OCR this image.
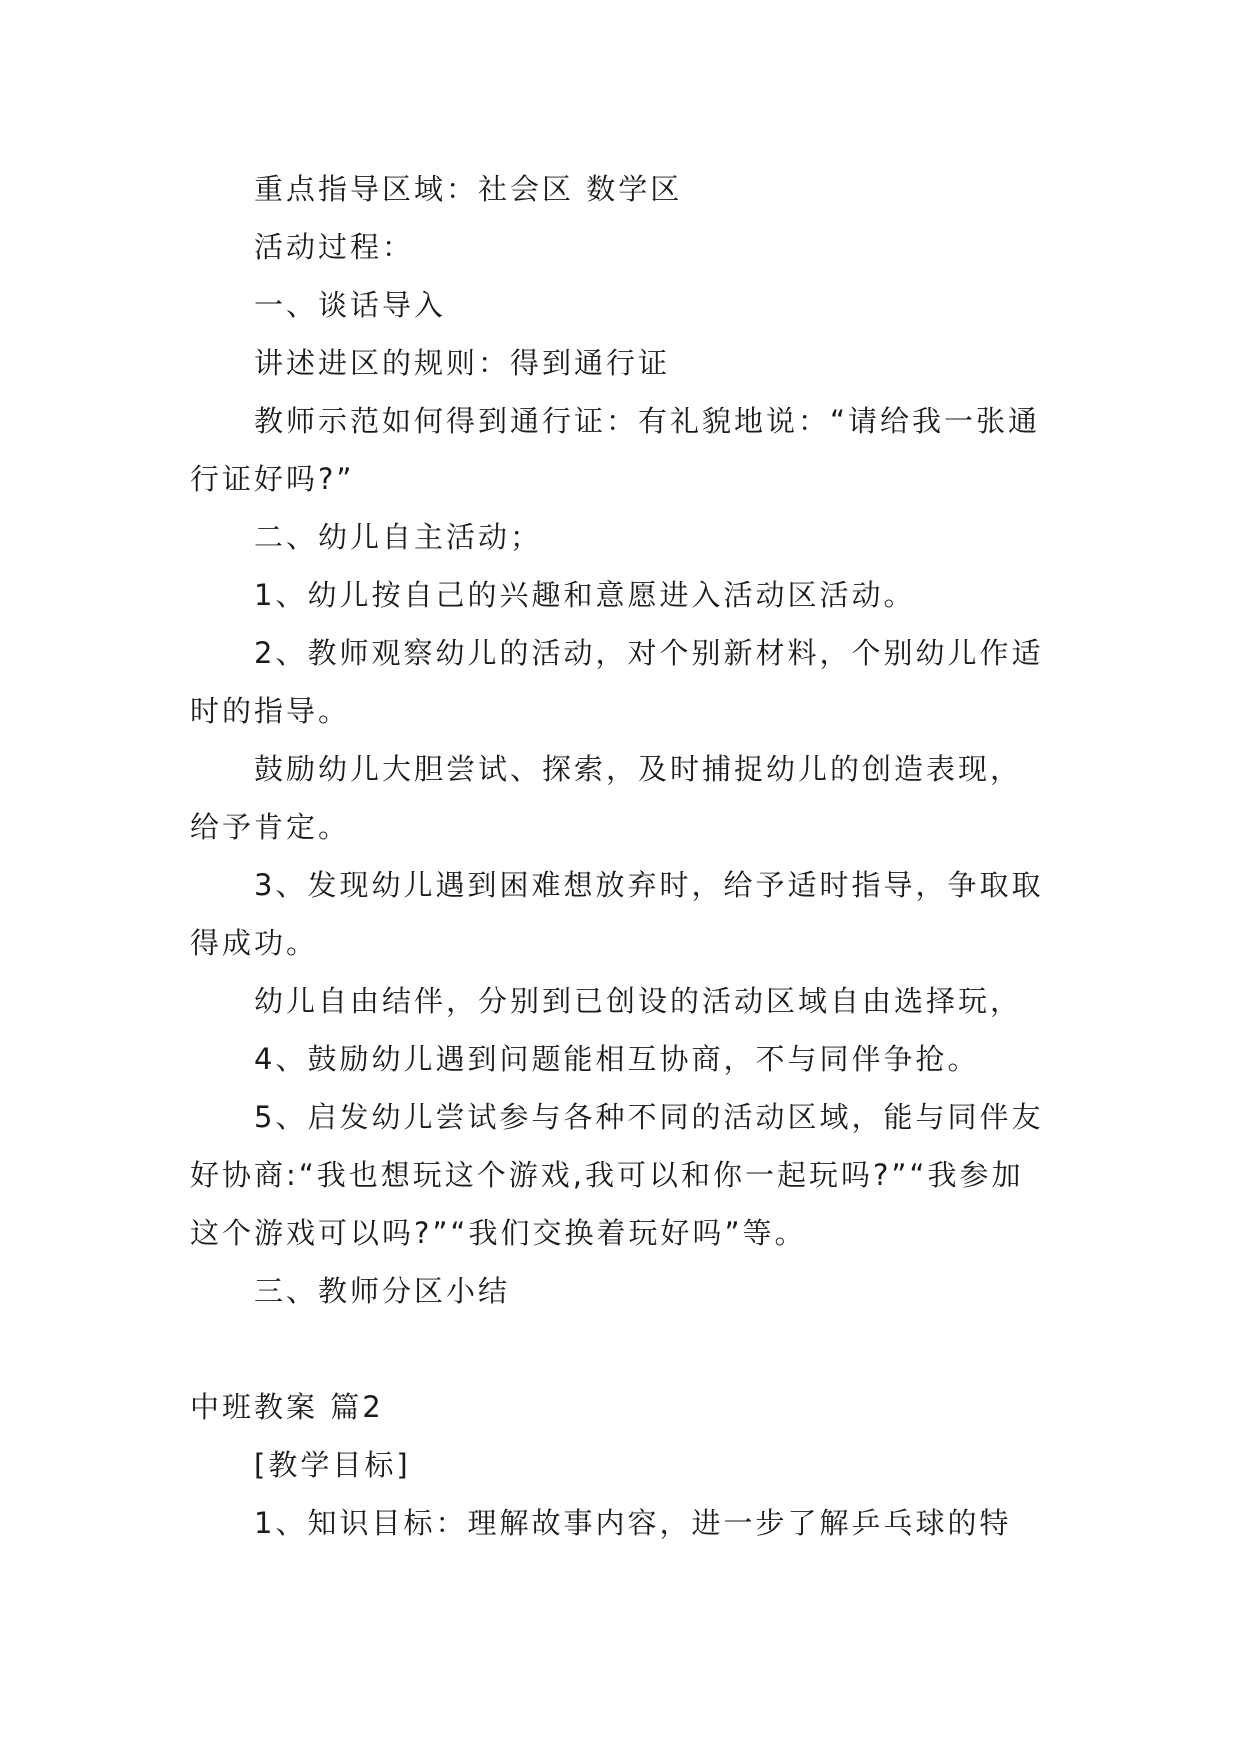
重点指导区域：社会区 数学区

活动过程：

一、谈话导入

讲述进区的规则：得到通行证

教师示范如何得到通行证：有礼貌地说：“请给我一张通行证好吗?”

二、幼儿自主活动；

1、幼儿按自己的兴趣和意愿进入活动区活动。

2、教师观察幼儿的活动，对个别新材料，个别幼儿作适时的指导。

鼓励幼儿大胆尝试、探索，及时捕捉幼儿的创造表现，给予肯定。

3、发现幼儿遇到困难想放弃时，给予适时指导，争取取得成功。

幼儿自由结伴，分别到已创设的活动区域自由选择玩，

4、鼓励幼儿遇到问题能相互协商，不与同伴争抢。

5、启发幼儿尝试参与各种不同的活动区域，能与同伴友好协商:“我也想玩这个游戏,我可以和你一起玩吗?”“我参加这个游戏可以吗?”“我们交换着玩好吗”等。

三、教师分区小结

中班教案 篇2

[教学目标]

1、知识目标：理解故事内容，进一步了解乒乓球的特
